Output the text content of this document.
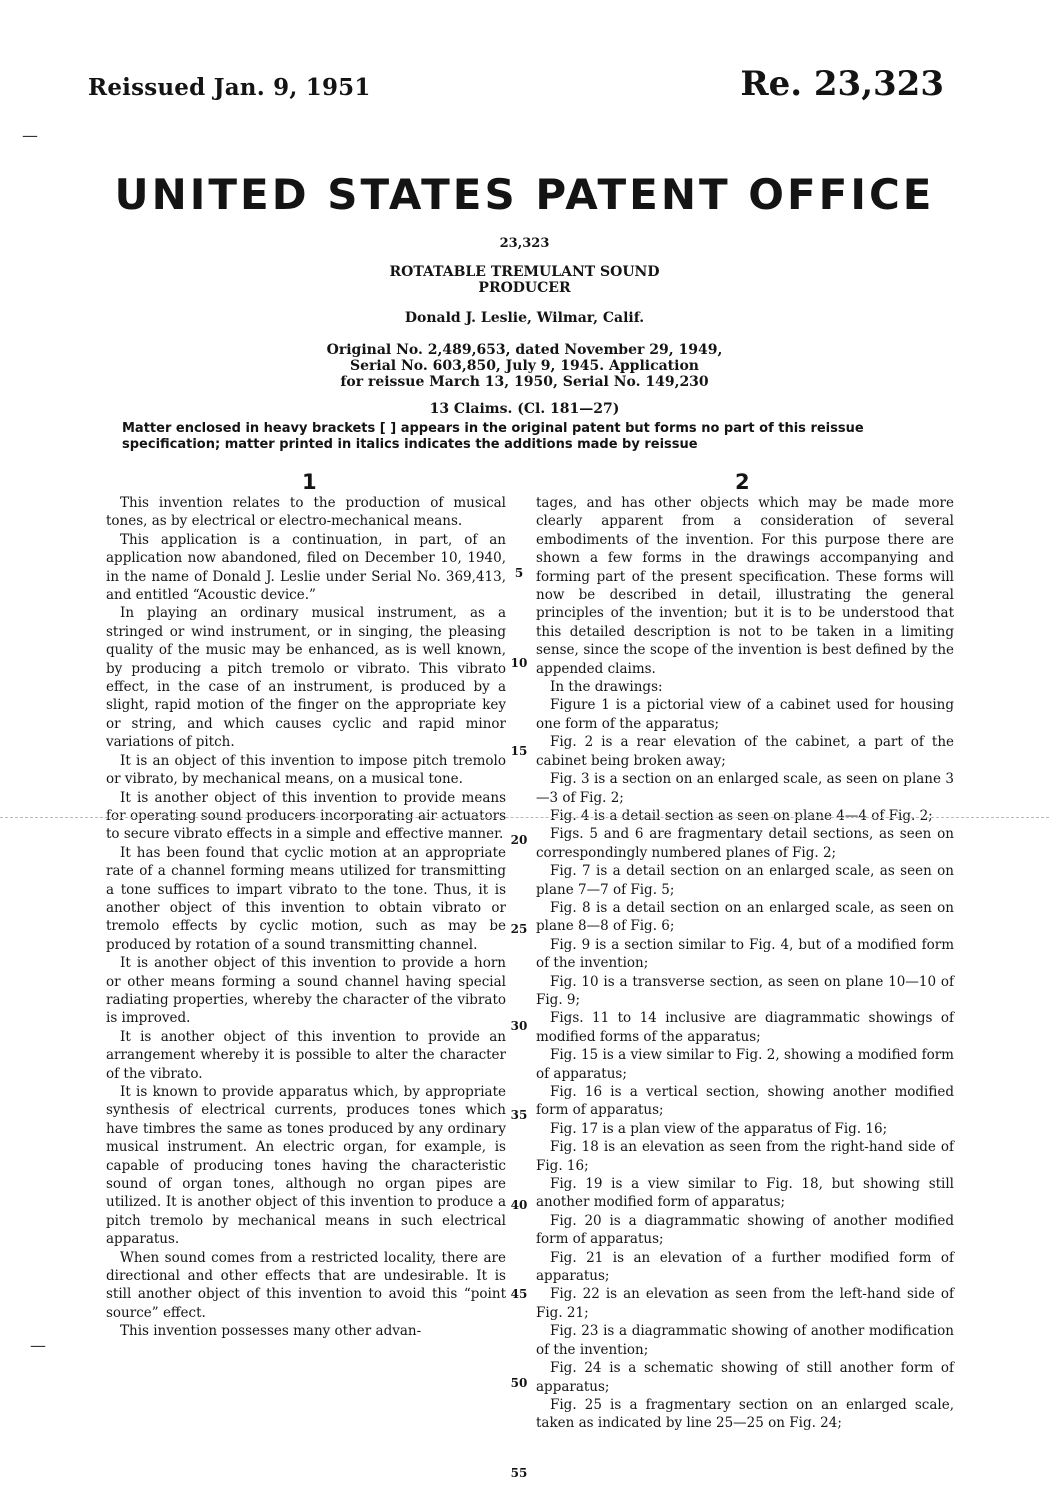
Reissued Jan. 9, 1951	Re. 23,323
UNITED STATES PATENT OFFICE
23,323
ROTATABLE TREMULANT SOUND PRODUCER
Donald J. Leslie, Wilmar, Calif.
Original No. 2,489,653, dated November 29, 1949,
Serial No. 603,850, July 9, 1945. Application
for reissue March 13, 1950, Serial No. 149,230
13 Claims. (Cl. 181—27)
Matter enclosed in heavy brackets [ ] appears in the original patent but forms no part of this reissue specification; matter printed in italics indicates the additions made by reissue
1	2

This invention relates to the production of musical tones, as by electrical or electro-mechanical means.

This application is a continuation, in part, of an application now abandoned, filed on December 10, 1940, in the name of Donald J. Leslie under Serial No. 369,413, and entitled “Acoustic device.”

In playing an ordinary musical instrument, as a stringed or wind instrument, or in singing, the pleasing quality of the music may be enhanced, as is well known, by producing a pitch tremolo or vibrato. This vibrato effect, in the case of an instrument, is produced by a slight, rapid motion of the finger on the appropriate key or string, and which causes cyclic and rapid minor variations of pitch.

It is an object of this invention to impose pitch tremolo or vibrato, by mechanical means, on a musical tone.

It is another object of this invention to provide means for operating sound producers incorporating air actuators to secure vibrato effects in a simple and effective manner.

It has been found that cyclic motion at an appropriate rate of a channel forming means utilized for transmitting a tone suffices to impart vibrato to the tone. Thus, it is another object of this invention to obtain vibrato or tremolo effects by cyclic motion, such as may be produced by rotation of a sound transmitting channel.

It is another object of this invention to provide a horn or other means forming a sound channel having special radiating properties, whereby the character of the vibrato is improved.

It is another object of this invention to provide an arrangement whereby it is possible to alter the character of the vibrato.

It is known to provide apparatus which, by appropriate synthesis of electrical currents, produces tones which have timbres the same as tones produced by any ordinary musical instrument. An electric organ, for example, is capable of producing tones having the characteristic sound of organ tones, although no organ pipes are utilized. It is another object of this invention to produce a pitch tremolo by mechanical means in such electrical apparatus.

When sound comes from a restricted locality, there are directional and other effects that are undesirable. It is still another object of this invention to avoid this “point source” effect.

This invention possesses many other advan-

tages, and has other objects which may be made more clearly apparent from a consideration of several embodiments of the invention. For this purpose there are shown a few forms in the drawings accompanying and forming part of the present specification. These forms will now be described in detail, illustrating the general principles of the invention; but it is to be understood that this detailed description is not to be taken in a limiting sense, since the scope of the invention is best defined by the appended claims.

In the drawings:

Figure 1 is a pictorial view of a cabinet used for housing one form of the apparatus;

Fig. 2 is a rear elevation of the cabinet, a part of the cabinet being broken away;

Fig. 3 is a section on an enlarged scale, as seen on plane 3—3 of Fig. 2;

Fig. 4 is a detail section as seen on plane 4—4 of Fig. 2;

Figs. 5 and 6 are fragmentary detail sections, as seen on correspondingly numbered planes of Fig. 2;

Fig. 7 is a detail section on an enlarged scale, as seen on plane 7—7 of Fig. 5;

Fig. 8 is a detail section on an enlarged scale, as seen on plane 8—8 of Fig. 6;

Fig. 9 is a section similar to Fig. 4, but of a modified form of the invention;

Fig. 10 is a transverse section, as seen on plane 10—10 of Fig. 9;

Figs. 11 to 14 inclusive are diagrammatic showings of modified forms of the apparatus;

Fig. 15 is a view similar to Fig. 2, showing a modified form of apparatus;

Fig. 16 is a vertical section, showing another modified form of apparatus;

Fig. 17 is a plan view of the apparatus of Fig. 16;

Fig. 18 is an elevation as seen from the right-hand side of Fig. 16;

Fig. 19 is a view similar to Fig. 18, but showing still another modified form of apparatus;

Fig. 20 is a diagrammatic showing of another modified form of apparatus;

Fig. 21 is an elevation of a further modified form of apparatus;

Fig. 22 is an elevation as seen from the left-hand side of Fig. 21;

Fig. 23 is a diagrammatic showing of another modification of the invention;

Fig. 24 is a schematic showing of still another form of apparatus;

Fig. 25 is a fragmentary section on an enlarged scale, taken as indicated by line 25—25 on Fig. 24;

5
10
15
20
25
30
35
40
45
50
55
—
—
